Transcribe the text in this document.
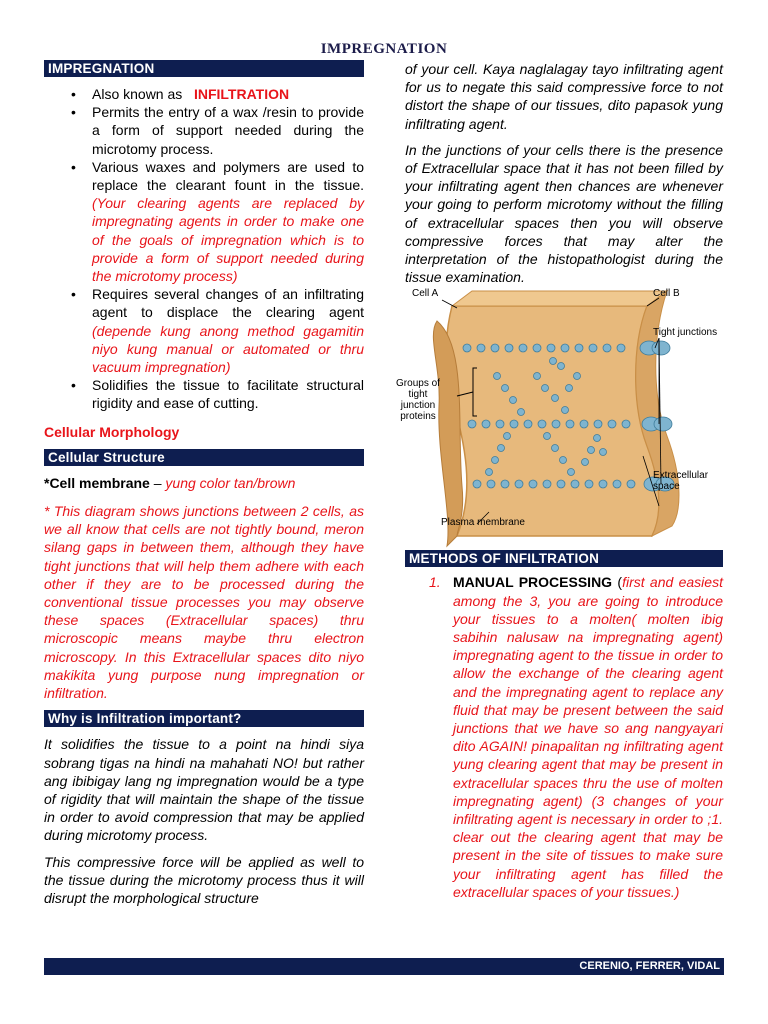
IMPREGNATION
IMPREGNATION
• Also known as   INFILTRATION
• Permits the entry of a wax /resin to provide a form of support needed during the microtomy process.
• Various waxes and polymers are used to replace the clearant fount in the tissue. (Your clearing agents are replaced by impregnating agents in order to make one of the goals of impregnation which is to provide a form of support needed during the microtomy process)
• Requires several changes of an infiltrating agent to displace the clearing agent (depende kung anong method gagamitin niyo kung manual or automated or thru vacuum impregnation)
• Solidifies the tissue to facilitate structural rigidity and ease of cutting.

Cellular Morphology

Cellular Structure

*Cell membrane – yung color tan/brown

* This diagram shows junctions between 2 cells, as we all know that cells are not tightly bound, meron silang gaps in between them, although they have tight junctions that will help them adhere with each other if they are to be processed during the conventional tissue processes you may observe these spaces (Extracellular spaces) thru microscopic means maybe thru electron microscopy. In this Extracellular spaces dito niyo makikita yung purpose nung impregnation or infiltration.

Why is Infiltration important?

It solidifies the tissue to a point na hindi siya sobrang tigas na hindi na mahahati NO! but rather ang ibibigay lang ng impregnation would be a type of rigidity that will maintain the shape of the tissue in order to avoid compression that may be applied during microtomy process.

This compressive force will be applied as well to the tissue during the microtomy process thus it will disrupt the morphological structure

of your cell. Kaya naglalagay tayo infiltrating agent for us to negate this said compressive force to not distort the shape of our tissues, dito papasok yung infiltrating agent.

In the junctions of your cells there is the presence of Extracellular space that it has not been filled by your infiltrating agent then chances are whenever your going to perform microtomy without the filling of extracellular spaces then you will observe compressive forces that may alter the interpretation of the histopathologist during the tissue examination.

Cell A	Cell B
Tight junctions
Groups of tight junction proteins
Extracellular space
Plasma membrane
METHODS OF INFILTRATION
1. MANUAL PROCESSING (first and easiest among the 3, you are going to introduce your tissues to a molten( molten ibig sabihin nalusaw na impregnating agent) impregnating agent to the tissue in order to allow the exchange of the clearing agent and the impregnating agent to replace any fluid that may be present between the said junctions that we have so ang nangyayari dito AGAIN! pinapalitan ng infiltrating agent yung clearing agent that may be present in extracellular spaces thru the use of molten impregnating agent) (3 changes of your infiltrating agent is necessary in order to ;1. clear out the clearing agent that may be present in the site of tissues to make sure your infiltrating agent has filled the extracellular spaces of your tissues.)
CERENIO, FERRER, VIDAL
